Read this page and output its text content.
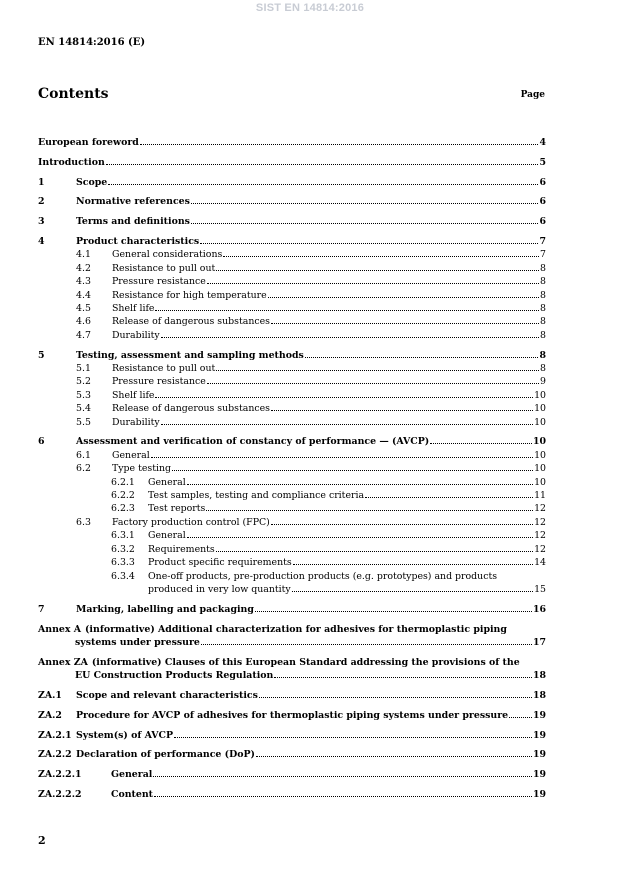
SIST EN 14814:2016
EN 14814:2016 (E)
Contents	Page
European foreword	4
Introduction	5
1	Scope	6
2	Normative references	6
3	Terms and definitions	6
4	Product characteristics	7
4.1	General considerations	7
4.2	Resistance to pull out	8
4.3	Pressure resistance	8
4.4	Resistance for high temperature	8
4.5	Shelf life	8
4.6	Release of dangerous substances	8
4.7	Durability	8
5	Testing, assessment and sampling methods	8
5.1	Resistance to pull out	8
5.2	Pressure resistance	9
5.3	Shelf life	10
5.4	Release of dangerous substances	10
5.5	Durability	10
6	Assessment and verification of constancy of performance — (AVCP)	10
6.1	General	10
6.2	Type testing	10
6.2.1	General	10
6.2.2	Test samples, testing and compliance criteria	11
6.2.3	Test reports	12
6.3	Factory production control (FPC)	12
6.3.1	General	12
6.3.2	Requirements	12
6.3.3	Product specific requirements	14
6.3.4	One-off products, pre-production products (e.g. prototypes) and products
produced in very low quantity	15
7	Marking, labelling and packaging	16
Annex A (informative) Additional characterization for adhesives for thermoplastic piping
systems under pressure	17
Annex ZA (informative) Clauses of this European Standard addressing the provisions of the
EU Construction Products Regulation	18
ZA.1	Scope and relevant characteristics	18
ZA.2	Procedure for AVCP of adhesives for thermoplastic piping systems under pressure	19
ZA.2.1 System(s) of AVCP	19
ZA.2.2 Declaration of performance (DoP)	19
ZA.2.2.1	General	19
ZA.2.2.2	Content	19
2
